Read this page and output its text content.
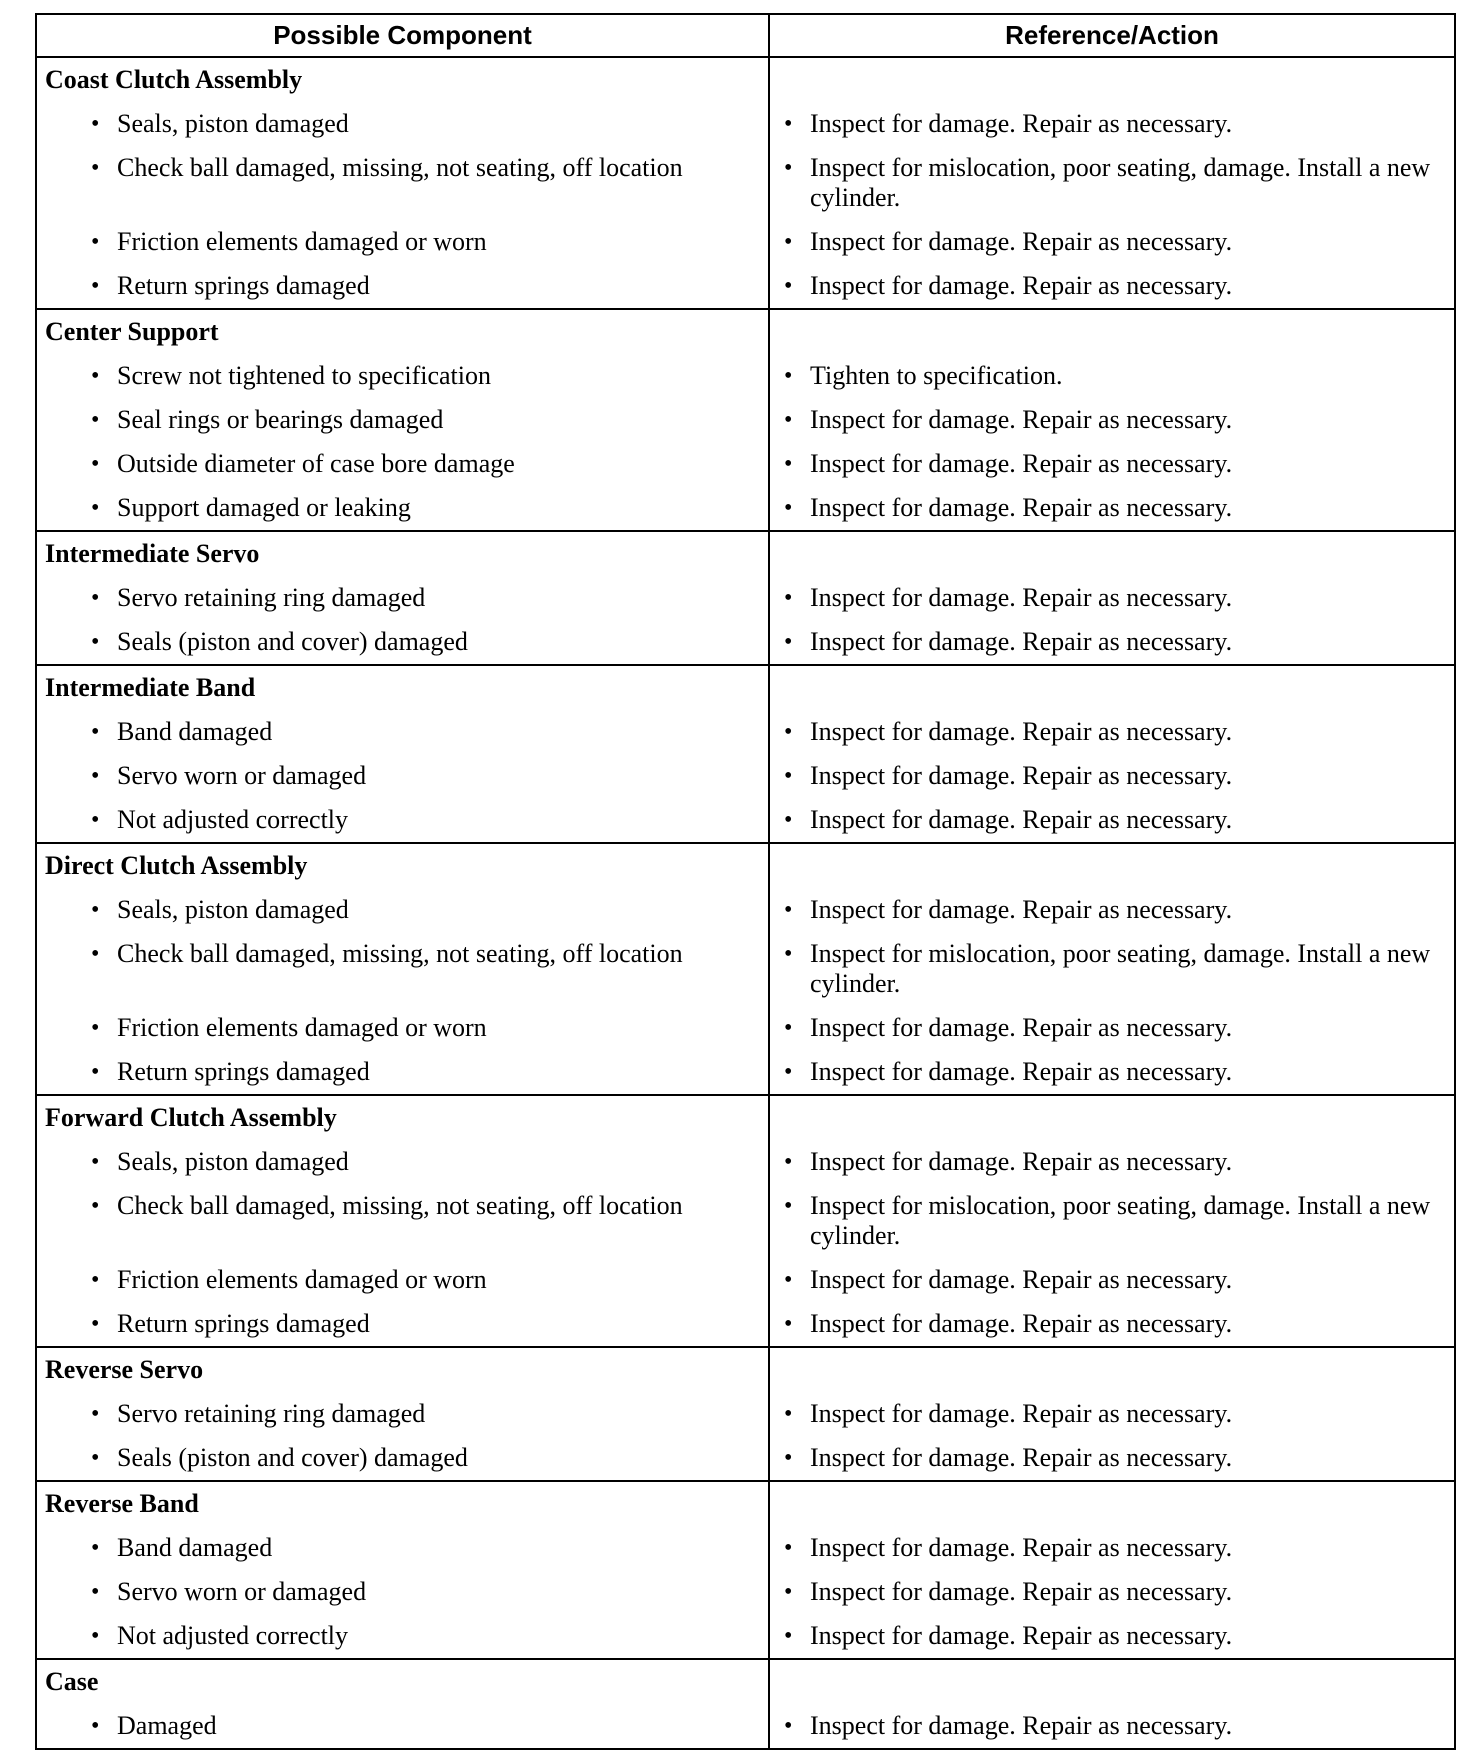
Possible Component	Reference/Action
Coast Clutch Assembly	

• Seals, piston damaged	• Inspect for damage. Repair as necessary.

• Check ball damaged, missing, not seating, off location	• Inspect for mislocation, poor seating, damage. Install a new cylinder.

• Friction elements damaged or worn	• Inspect for damage. Repair as necessary.

• Return springs damaged	• Inspect for damage. Repair as necessary.

Center Support	

• Screw not tightened to specification	• Tighten to specification.

• Seal rings or bearings damaged	• Inspect for damage. Repair as necessary.

• Outside diameter of case bore damage	• Inspect for damage. Repair as necessary.

• Support damaged or leaking	• Inspect for damage. Repair as necessary.

Intermediate Servo	

• Servo retaining ring damaged	• Inspect for damage. Repair as necessary.

• Seals (piston and cover) damaged	• Inspect for damage. Repair as necessary.

Intermediate Band	

• Band damaged	• Inspect for damage. Repair as necessary.

• Servo worn or damaged	• Inspect for damage. Repair as necessary.

• Not adjusted correctly	• Inspect for damage. Repair as necessary.

Direct Clutch Assembly	

• Seals, piston damaged	• Inspect for damage. Repair as necessary.

• Check ball damaged, missing, not seating, off location	• Inspect for mislocation, poor seating, damage. Install a new cylinder.

• Friction elements damaged or worn	• Inspect for damage. Repair as necessary.

• Return springs damaged	• Inspect for damage. Repair as necessary.

Forward Clutch Assembly	

• Seals, piston damaged	• Inspect for damage. Repair as necessary.

• Check ball damaged, missing, not seating, off location	• Inspect for mislocation, poor seating, damage. Install a new cylinder.

• Friction elements damaged or worn	• Inspect for damage. Repair as necessary.

• Return springs damaged	• Inspect for damage. Repair as necessary.

Reverse Servo	

• Servo retaining ring damaged	• Inspect for damage. Repair as necessary.

• Seals (piston and cover) damaged	• Inspect for damage. Repair as necessary.

Reverse Band	

• Band damaged	• Inspect for damage. Repair as necessary.

• Servo worn or damaged	• Inspect for damage. Repair as necessary.

• Not adjusted correctly	• Inspect for damage. Repair as necessary.

Case	

• Damaged	• Inspect for damage. Repair as necessary.
